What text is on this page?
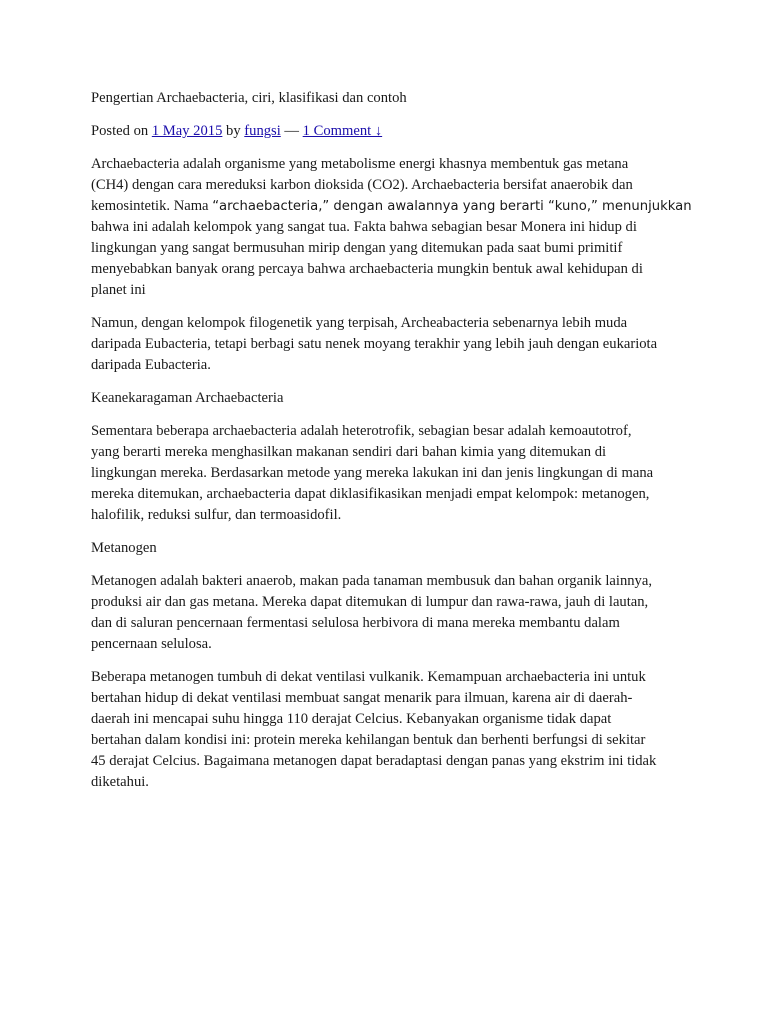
Pengertian Archaebacteria, ciri, klasifikasi dan contoh

Posted on 1 May 2015 by fungsi — 1 Comment ↓

Archaebacteria adalah organisme yang metabolisme energi khasnya membentuk gas metana
(CH4) dengan cara mereduksi karbon dioksida (CO2). Archaebacteria bersifat anaerobik dan
kemosintetik. Nama “archaebacteria,” dengan awalannya yang berarti “kuno,” menunjukkan
bahwa ini adalah kelompok yang sangat tua. Fakta bahwa sebagian besar Monera ini hidup di
lingkungan yang sangat bermusuhan mirip dengan yang ditemukan pada saat bumi primitif
menyebabkan banyak orang percaya bahwa archaebacteria mungkin bentuk awal kehidupan di
planet ini

Namun, dengan kelompok filogenetik yang terpisah, Archeabacteria sebenarnya lebih muda
daripada Eubacteria, tetapi berbagi satu nenek moyang terakhir yang lebih jauh dengan eukariota
daripada Eubacteria.

Keanekaragaman Archaebacteria

Sementara beberapa archaebacteria adalah heterotrofik, sebagian besar adalah kemoautotrof,
yang berarti mereka menghasilkan makanan sendiri dari bahan kimia yang ditemukan di
lingkungan mereka. Berdasarkan metode yang mereka lakukan ini dan jenis lingkungan di mana
mereka ditemukan, archaebacteria dapat diklasifikasikan menjadi empat kelompok: metanogen,
halofilik, reduksi sulfur, dan termoasidofil.

Metanogen

Metanogen adalah bakteri anaerob, makan pada tanaman membusuk dan bahan organik lainnya,
produksi air dan gas metana. Mereka dapat ditemukan di lumpur dan rawa-rawa, jauh di lautan,
dan di saluran pencernaan fermentasi selulosa herbivora di mana mereka membantu dalam
pencernaan selulosa.

Beberapa metanogen tumbuh di dekat ventilasi vulkanik. Kemampuan archaebacteria ini untuk
bertahan hidup di dekat ventilasi membuat sangat menarik para ilmuan, karena air di daerah-
daerah ini mencapai suhu hingga 110 derajat Celcius. Kebanyakan organisme tidak dapat
bertahan dalam kondisi ini: protein mereka kehilangan bentuk dan berhenti berfungsi di sekitar
45 derajat Celcius. Bagaimana metanogen dapat beradaptasi dengan panas yang ekstrim ini tidak
diketahui.
